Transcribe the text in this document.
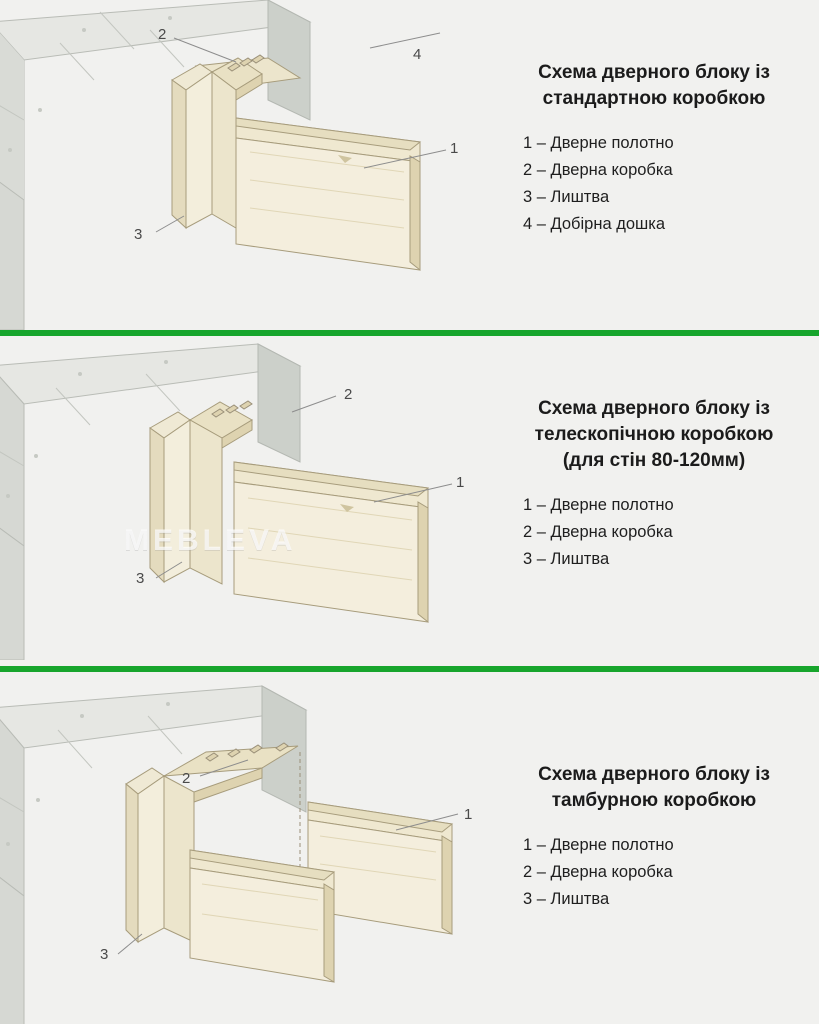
2
4
1
3
Схема дверного блоку із
стандартною коробкою
1 – Дверне полотно
2 – Дверна коробка
3 – Лиштва
4 – Добірна дошка
MEBLEVA
2
1
3
Схема дверного блоку із
телескопічною коробкою
(для стін 80-120мм)
1 – Дверне полотно
2 – Дверна коробка
3 – Лиштва
2
1
3
Схема дверного блоку із
тамбурною коробкою
1 – Дверне полотно
2 – Дверна коробка
3 – Лиштва
